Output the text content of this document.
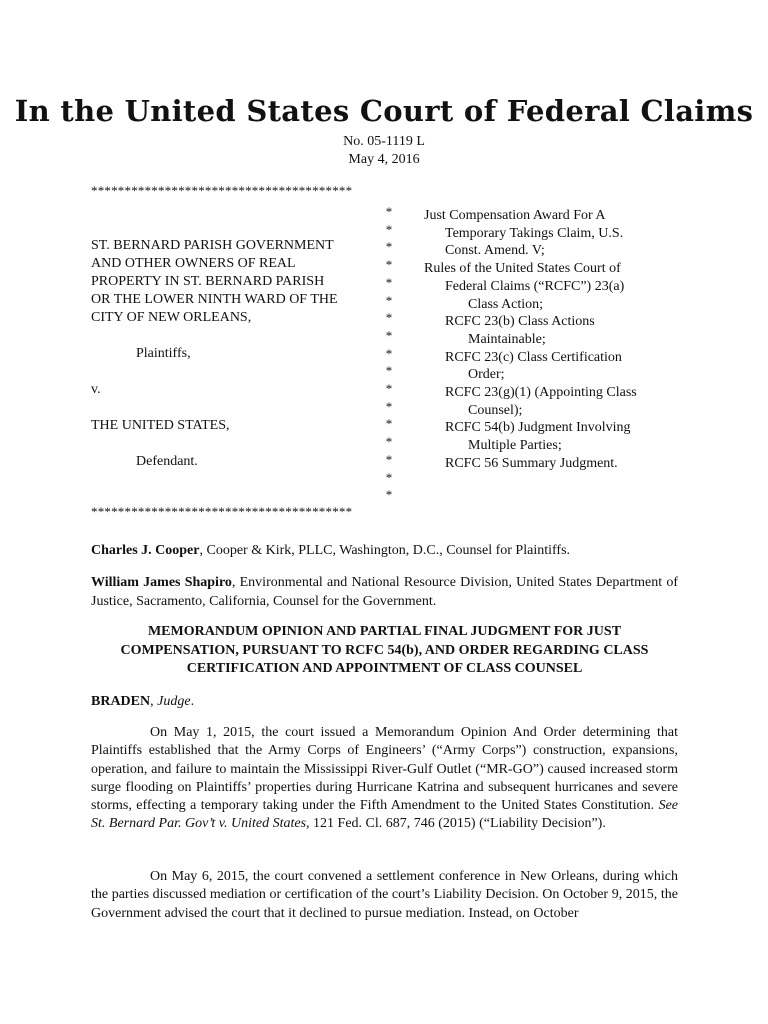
In the United States Court of Federal Claims
No. 05-1119 L
May 4, 2016
***************************************
*
*
*
*
*
*
*
*
*
*
*
*
*
*
*
*
*
ST. BERNARD PARISH GOVERNMENT
AND OTHER OWNERS OF REAL
PROPERTY IN ST. BERNARD PARISH
OR THE LOWER NINTH WARD OF THE
CITY OF NEW ORLEANS,
Plaintiffs,
v.
THE UNITED STATES,
Defendant.
***************************************
Just Compensation Award For A
Temporary Takings Claim, U.S.
Const. Amend. V;
Rules of the United States Court of
Federal Claims (“RCFC”) 23(a)
Class Action;
RCFC 23(b) Class Actions
Maintainable;
RCFC 23(c) Class Certification
Order;
RCFC 23(g)(1) (Appointing Class
Counsel);
RCFC 54(b) Judgment Involving
Multiple Parties;
RCFC 56 Summary Judgment.
Charles J. Cooper, Cooper & Kirk, PLLC, Washington, D.C., Counsel for Plaintiffs.
William James Shapiro, Environmental and National Resource Division, United States Department of Justice, Sacramento, California, Counsel for the Government.
MEMORANDUM OPINION AND PARTIAL FINAL JUDGMENT FOR JUST COMPENSATION, PURSUANT TO RCFC 54(b), AND ORDER REGARDING CLASS CERTIFICATION AND APPOINTMENT OF CLASS COUNSEL
BRADEN, Judge.

On May 1, 2015, the court issued a Memorandum Opinion And Order determining that Plaintiffs established that the Army Corps of Engineers’ (“Army Corps”) construction, expansions, operation, and failure to maintain the Mississippi River-Gulf Outlet (“MR-GO”) caused increased storm surge flooding on Plaintiffs’ properties during Hurricane Katrina and subsequent hurricanes and severe storms, effecting a temporary taking under the Fifth Amendment to the United States Constitution. See St. Bernard Par. Gov’t v. United States, 121 Fed. Cl. 687, 746 (2015) (“Liability Decision”).

On May 6, 2015, the court convened a settlement conference in New Orleans, during which the parties discussed mediation or certification of the court’s Liability Decision. On October 9, 2015, the Government advised the court that it declined to pursue mediation. Instead, on October
